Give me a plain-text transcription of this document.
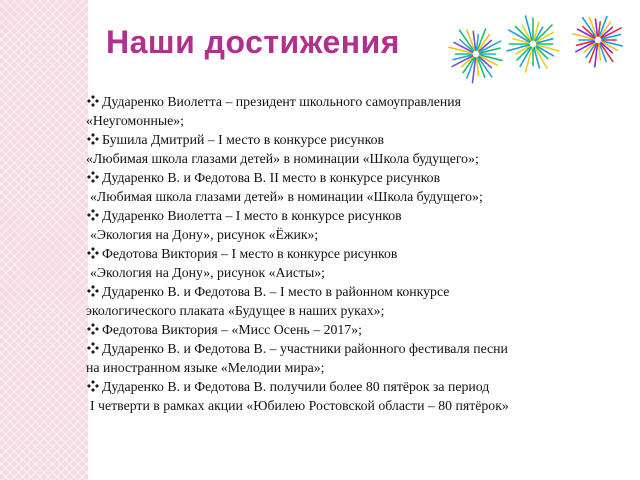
Наши достижения
Дударенко Виолетта – президент школьного самоуправления
«Неугомонные»;
Бушила Дмитрий – I место в конкурсе рисунков
«Любимая школа глазами детей» в номинации «Школа будущего»;
Дударенко В. и Федотова В. II место в конкурсе рисунков
«Любимая школа глазами детей» в номинации «Школа будущего»;
Дударенко Виолетта – I место в конкурсе рисунков
«Экология на Дону», рисунок «Ёжик»;
Федотова Виктория – I место в конкурсе рисунков
«Экология на Дону», рисунок «Аисты»;
Дударенко В. и Федотова В. – I место в районном конкурсе
экологического плаката «Будущее в наших руках»;
Федотова Виктория – «Мисс Осень – 2017»;
Дударенко В. и Федотова В. – участники районного фестиваля песни
на иностранном языке «Мелодии мира»;
Дударенко В. и Федотова В. получили более 80 пятёрок за период
I четверти в рамках акции «Юбилею Ростовской области – 80 пятёрок»
